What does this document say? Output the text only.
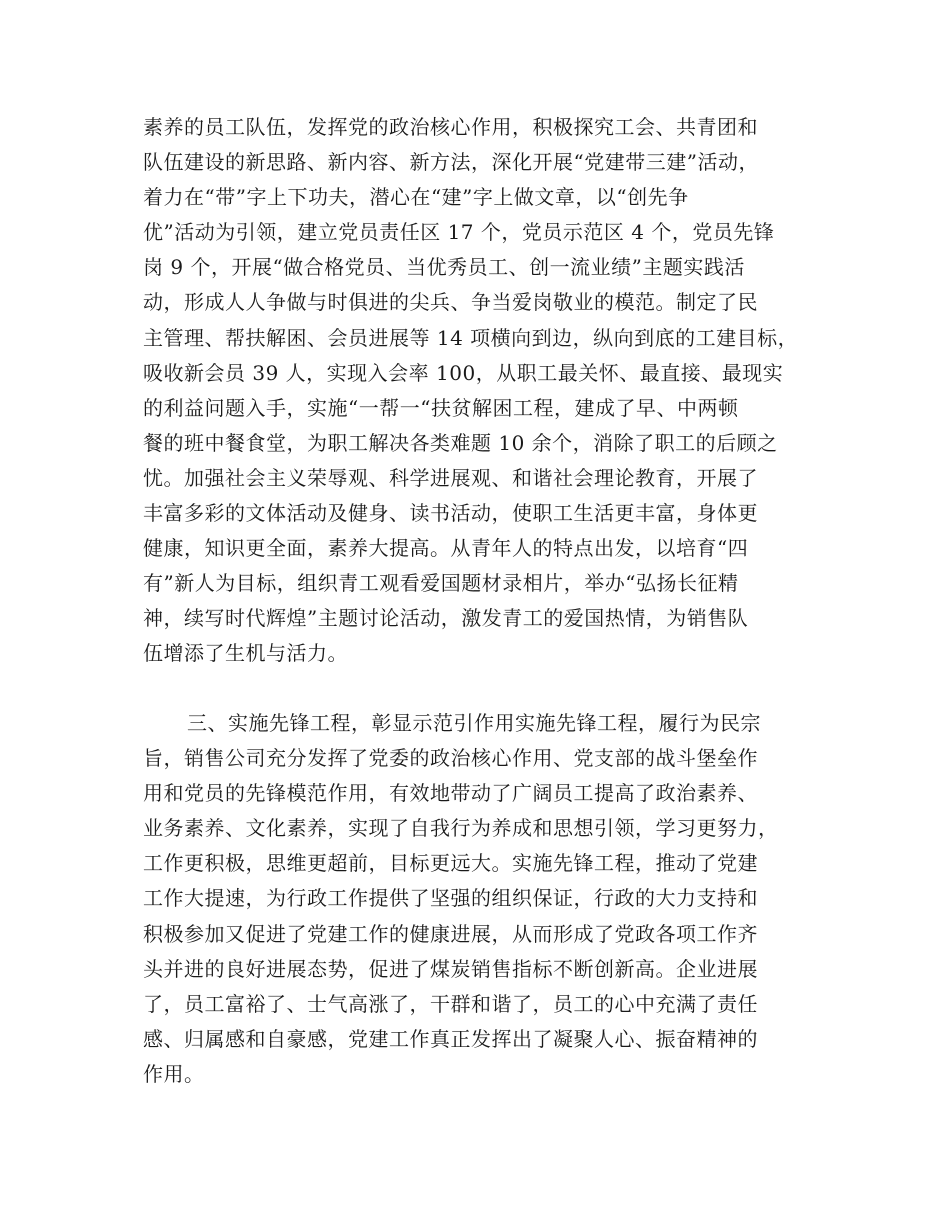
素养的员工队伍，发挥党的政治核心作用，积极探究工会、共青团和
队伍建设的新思路、新内容、新方法，深化开展“党建带三建”活动，
着力在“带”字上下功夫，潜心在“建”字上做文章，以“创先争
优”活动为引领，建立党员责任区 17 个，党员示范区 4 个，党员先锋
岗 9 个，开展“做合格党员、当优秀员工、创一流业绩”主题实践活
动，形成人人争做与时俱进的尖兵、争当爱岗敬业的模范。制定了民
主管理、帮扶解困、会员进展等 14 项横向到边，纵向到底的工建目标，
吸收新会员 39 人，实现入会率 100，从职工最关怀、最直接、最现实
的利益问题入手，实施“一帮一“扶贫解困工程，建成了早、中两顿
餐的班中餐食堂，为职工解决各类难题 10 余个，消除了职工的后顾之
忧。加强社会主义荣辱观、科学进展观、和谐社会理论教育，开展了
丰富多彩的文体活动及健身、读书活动，使职工生活更丰富，身体更
健康，知识更全面，素养大提高。从青年人的特点出发，以培育“四
有”新人为目标，组织青工观看爱国题材录相片，举办“弘扬长征精
神，续写时代辉煌”主题讨论活动，激发青工的爱国热情，为销售队
伍增添了生机与活力。
三、实施先锋工程，彰显示范引作用实施先锋工程，履行为民宗
旨，销售公司充分发挥了党委的政治核心作用、党支部的战斗堡垒作
用和党员的先锋模范作用，有效地带动了广阔员工提高了政治素养、
业务素养、文化素养，实现了自我行为养成和思想引领，学习更努力，
工作更积极，思维更超前，目标更远大。实施先锋工程，推动了党建
工作大提速，为行政工作提供了坚强的组织保证，行政的大力支持和
积极参加又促进了党建工作的健康进展，从而形成了党政各项工作齐
头并进的良好进展态势，促进了煤炭销售指标不断创新高。企业进展
了，员工富裕了、士气高涨了，干群和谐了，员工的心中充满了责任
感、归属感和自豪感，党建工作真正发挥出了凝聚人心、振奋精神的
作用。
